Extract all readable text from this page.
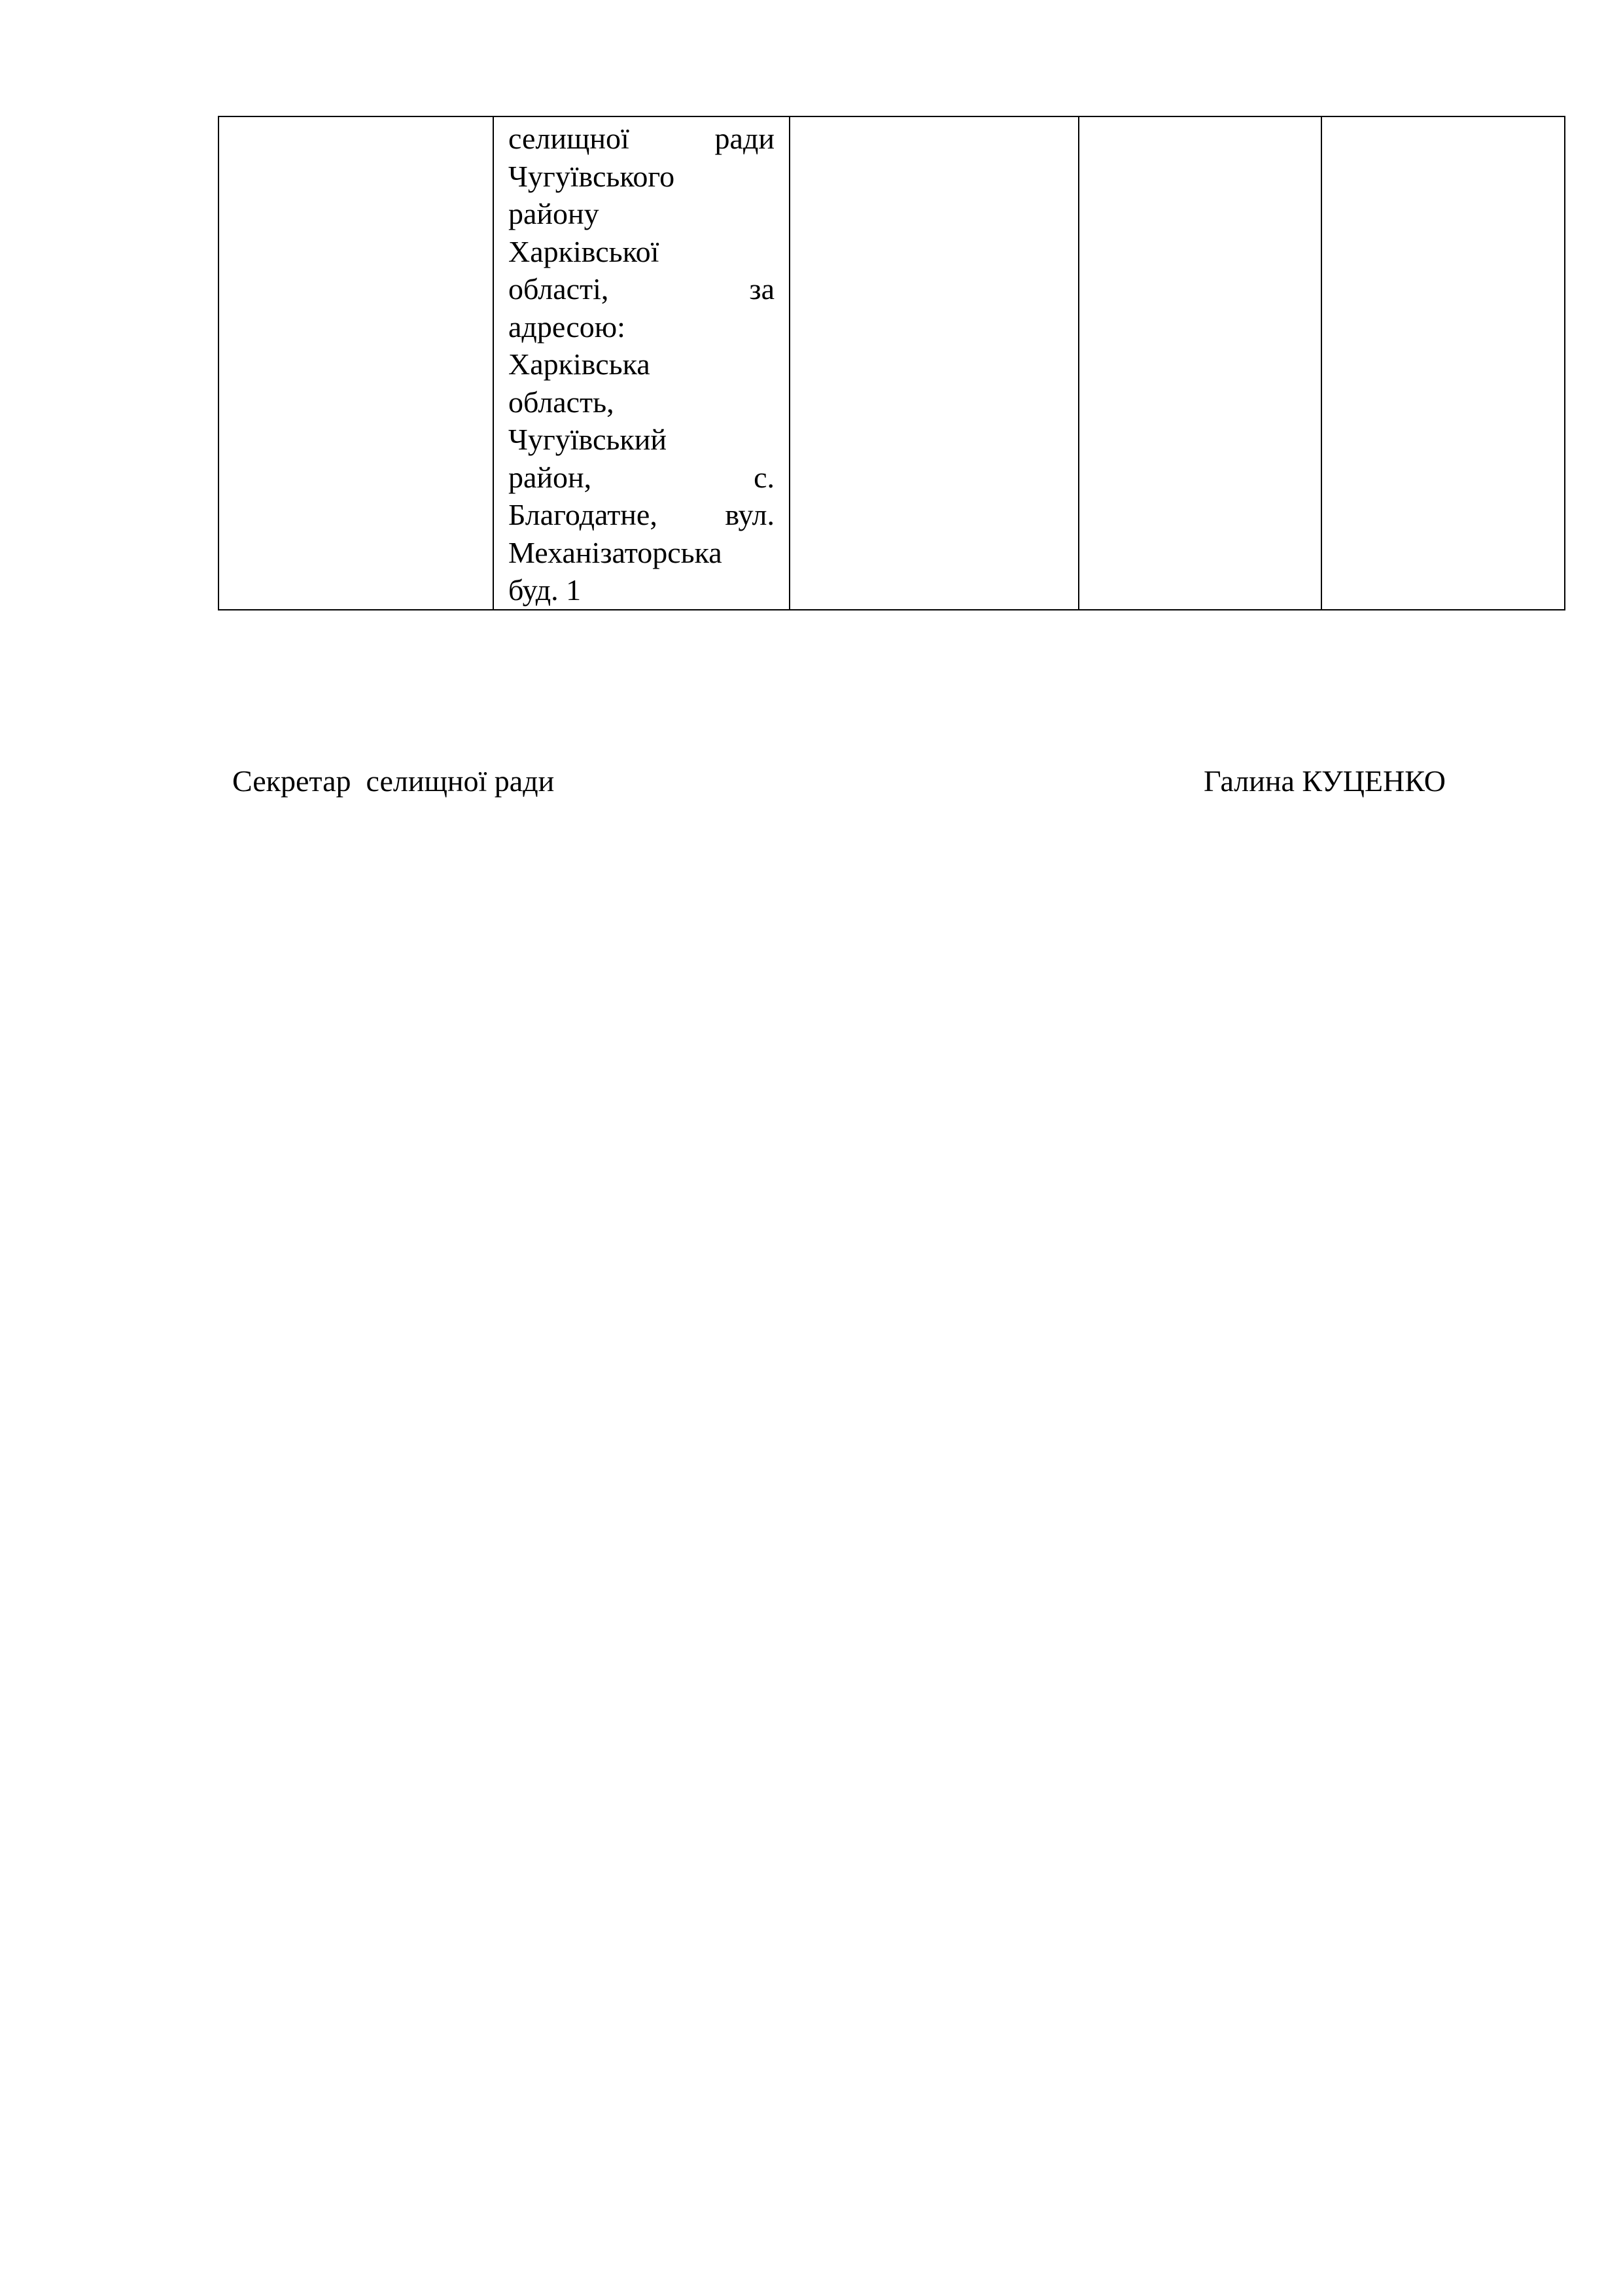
селищної	ради
Чугуївського
району
Харківської
області,	за
адресою:
Харківська
область,
Чугуївський
район,	с.
Благодатне, вул.
Механізаторська
буд. 1

Секретар  селищної ради	Галина КУЦЕНКО
